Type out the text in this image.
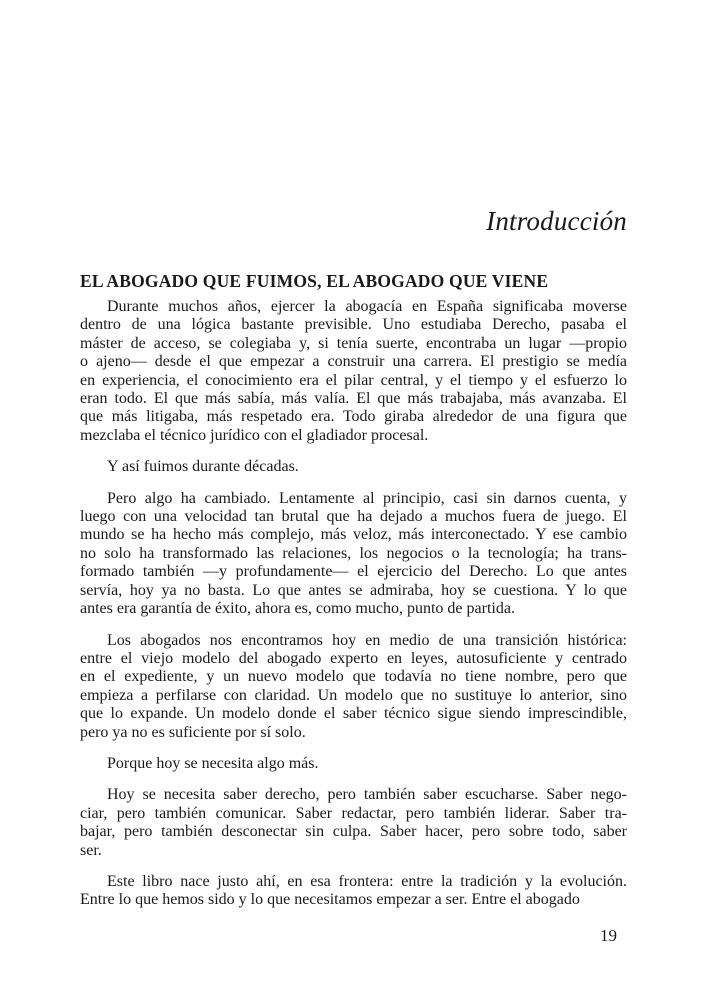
Introducción
EL ABOGADO QUE FUIMOS, EL ABOGADO QUE VIENE

Durante muchos años, ejercer la abogacía en España significaba moverse
dentro de una lógica bastante previsible. Uno estudiaba Derecho, pasaba el
máster de acceso, se colegiaba y, si tenía suerte, encontraba un lugar —propio
o ajeno— desde el que empezar a construir una carrera. El prestigio se medía
en experiencia, el conocimiento era el pilar central, y el tiempo y el esfuerzo lo
eran todo. El que más sabía, más valía. El que más trabajaba, más avanzaba. El
que más litigaba, más respetado era. Todo giraba alrededor de una figura que
mezclaba el técnico jurídico con el gladiador procesal.

Y así fuimos durante décadas.

Pero algo ha cambiado. Lentamente al principio, casi sin darnos cuenta, y
luego con una velocidad tan brutal que ha dejado a muchos fuera de juego. El
mundo se ha hecho más complejo, más veloz, más interconectado. Y ese cambio
no solo ha transformado las relaciones, los negocios o la tecnología; ha trans-
formado también —y profundamente— el ejercicio del Derecho. Lo que antes
servía, hoy ya no basta. Lo que antes se admiraba, hoy se cuestiona. Y lo que
antes era garantía de éxito, ahora es, como mucho, punto de partida.

Los abogados nos encontramos hoy en medio de una transición histórica:
entre el viejo modelo del abogado experto en leyes, autosuficiente y centrado
en el expediente, y un nuevo modelo que todavía no tiene nombre, pero que
empieza a perfilarse con claridad. Un modelo que no sustituye lo anterior, sino
que lo expande. Un modelo donde el saber técnico sigue siendo imprescindible,
pero ya no es suficiente por sí solo.

Porque hoy se necesita algo más.

Hoy se necesita saber derecho, pero también saber escucharse. Saber nego-
ciar, pero también comunicar. Saber redactar, pero también liderar. Saber tra-
bajar, pero también desconectar sin culpa. Saber hacer, pero sobre todo, saber
ser.

Este libro nace justo ahí, en esa frontera: entre la tradición y la evolución.
Entre lo que hemos sido y lo que necesitamos empezar a ser. Entre el abogado

19
